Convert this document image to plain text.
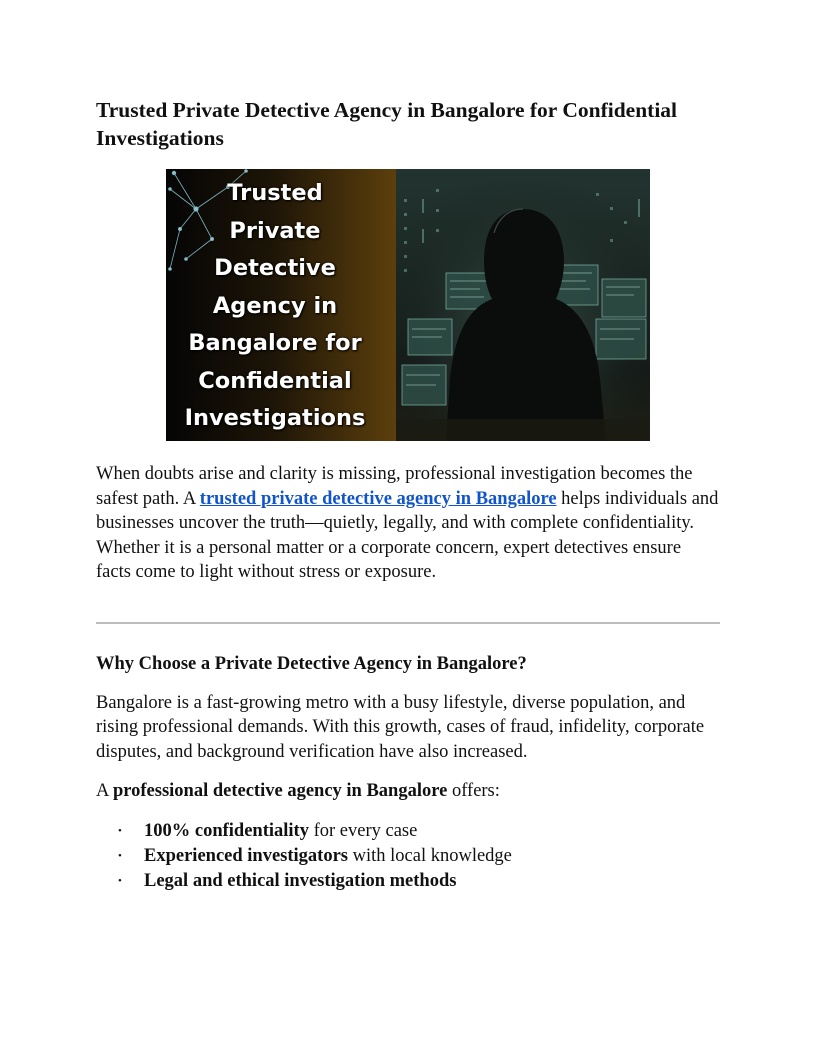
Trusted Private Detective Agency in Bangalore for Confidential Investigations
Trusted
Private
Detective
Agency in
Bangalore for
Confidential
Investigations

When doubts arise and clarity is missing, professional investigation becomes the safest path. A trusted private detective agency in Bangalore helps individuals and businesses uncover the truth—quietly, legally, and with complete confidentiality. Whether it is a personal matter or a corporate concern, expert detectives ensure facts come to light without stress or exposure.

Why Choose a Private Detective Agency in Bangalore?

Bangalore is a fast-growing metro with a busy lifestyle, diverse population, and rising professional demands. With this growth, cases of fraud, infidelity, corporate disputes, and background verification have also increased.

A professional detective agency in Bangalore offers:

• 100% confidentiality for every case
• Experienced investigators with local knowledge
• Legal and ethical investigation methods
